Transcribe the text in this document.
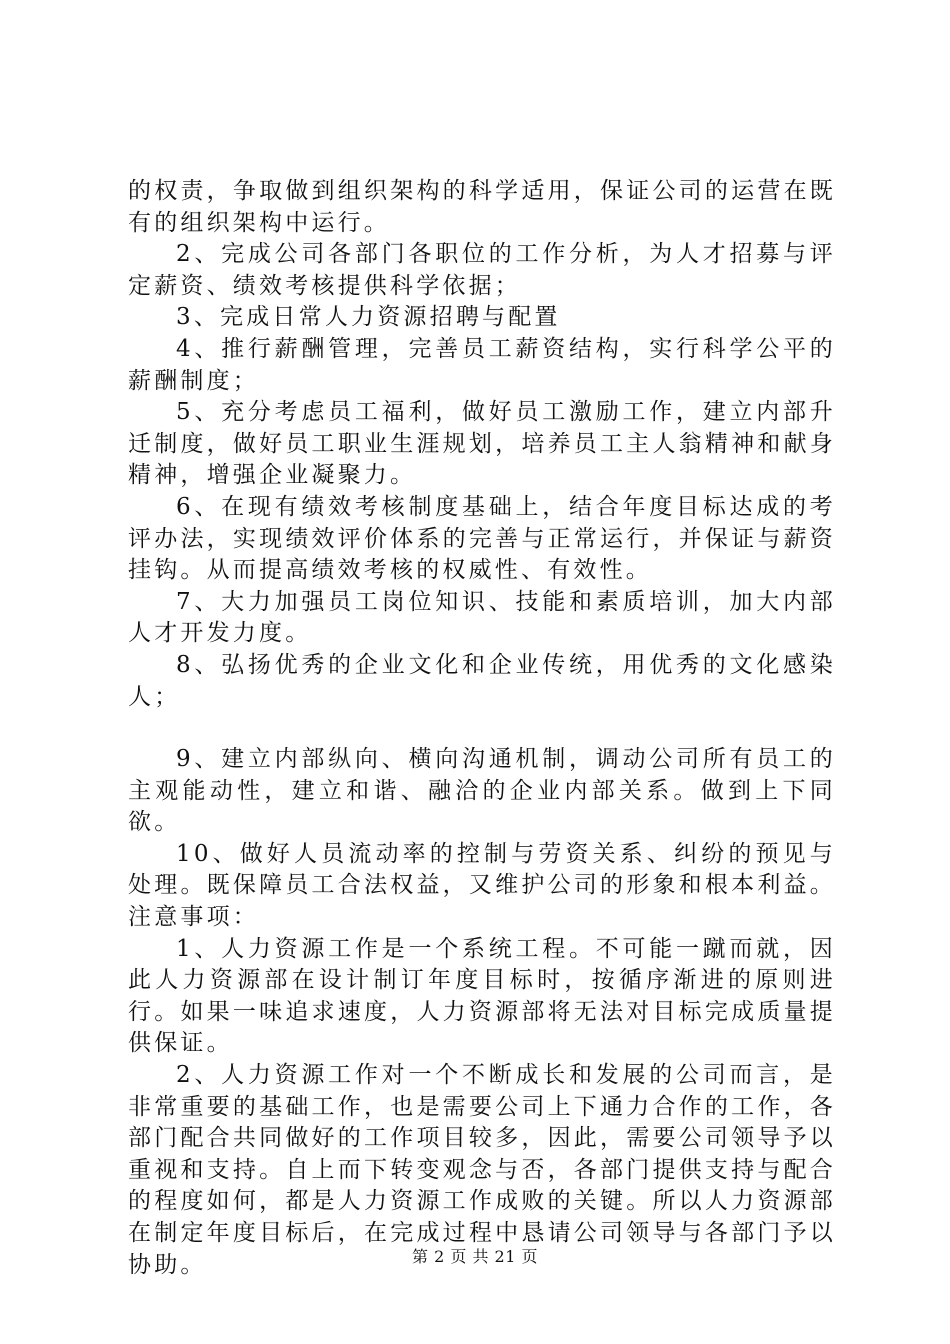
的权责，争取做到组织架构的科学适用，保证公司的运营在既有的组织架构中运行。

2、完成公司各部门各职位的工作分析，为人才招募与评定薪资、绩效考核提供科学依据；

3、完成日常人力资源招聘与配置

4、推行薪酬管理，完善员工薪资结构，实行科学公平的薪酬制度；

5、充分考虑员工福利，做好员工激励工作，建立内部升迁制度，做好员工职业生涯规划，培养员工主人翁精神和献身精神，增强企业凝聚力。

6、在现有绩效考核制度基础上，结合年度目标达成的考评办法，实现绩效评价体系的完善与正常运行，并保证与薪资挂钩。从而提高绩效考核的权威性、有效性。

7、大力加强员工岗位知识、技能和素质培训，加大内部人才开发力度。

8、弘扬优秀的企业文化和企业传统，用优秀的文化感染人；

9、建立内部纵向、横向沟通机制，调动公司所有员工的主观能动性，建立和谐、融洽的企业内部关系。做到上下同欲。

10、做好人员流动率的控制与劳资关系、纠纷的预见与处理。既保障员工合法权益，又维护公司的形象和根本利益。注意事项：

1、人力资源工作是一个系统工程。不可能一蹴而就，因此人力资源部在设计制订年度目标时，按循序渐进的原则进行。如果一味追求速度，人力资源部将无法对目标完成质量提供保证。

2、人力资源工作对一个不断成长和发展的公司而言，是非常重要的基础工作，也是需要公司上下通力合作的工作，各部门配合共同做好的工作项目较多，因此，需要公司领导予以重视和支持。自上而下转变观念与否，各部门提供支持与配合的程度如何，都是人力资源工作成败的关键。所以人力资源部在制定年度目标后，在完成过程中恳请公司领导与各部门予以协助。	第 2 页 共 21 页
